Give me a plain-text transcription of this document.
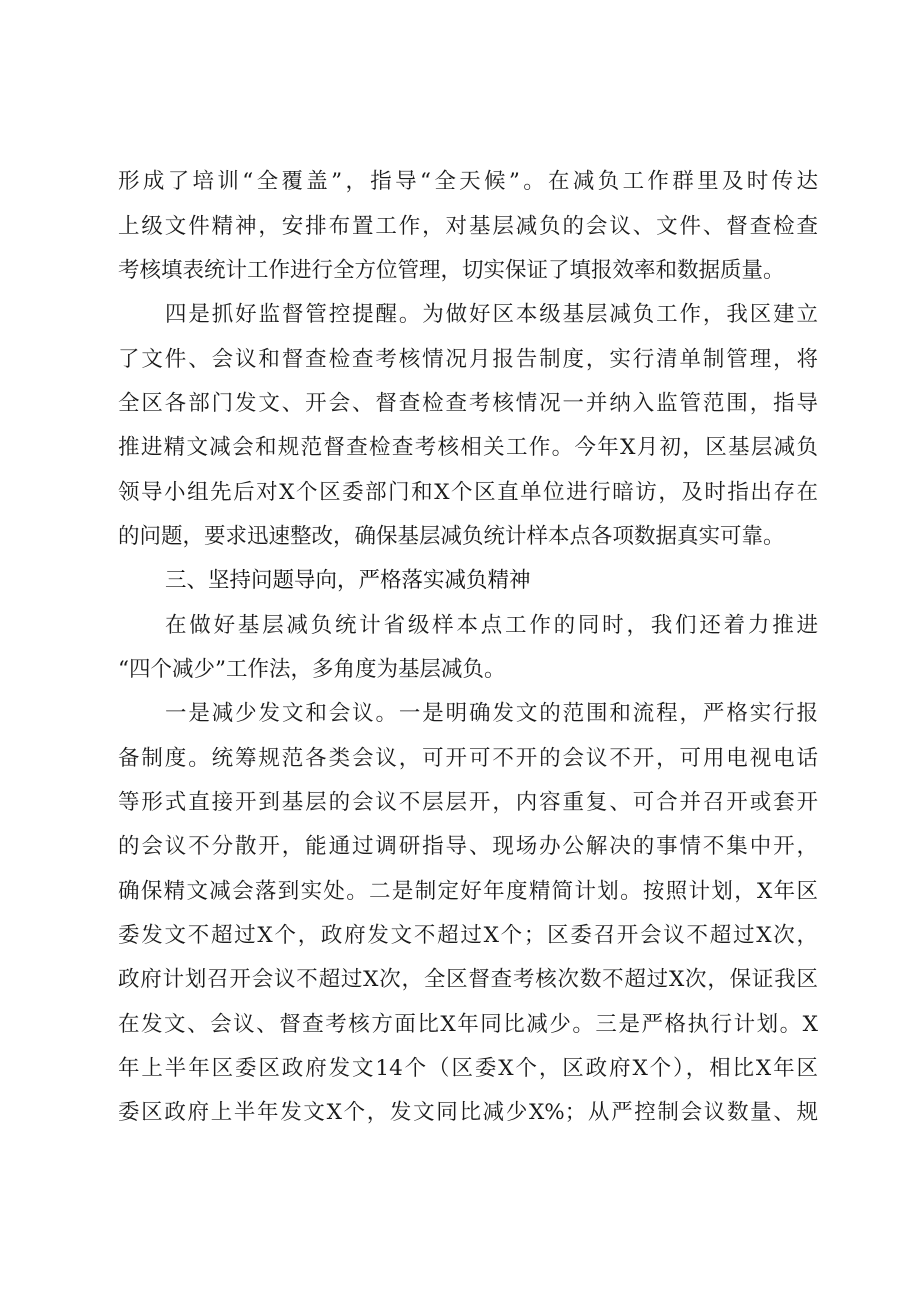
形成了培训“全覆盖”，指导“全天候”。在减负工作群里及时传达
上级文件精神，安排布置工作，对基层减负的会议、文件、督查检查
考核填表统计工作进行全方位管理，切实保证了填报效率和数据质量。
四是抓好监督管控提醒。为做好区本级基层减负工作，我区建立
了文件、会议和督查检查考核情况月报告制度，实行清单制管理，将
全区各部门发文、开会、督查检查考核情况一并纳入监管范围，指导
推进精文减会和规范督查检查考核相关工作。今年X月初，区基层减负
领导小组先后对X个区委部门和X个区直单位进行暗访，及时指出存在
的问题，要求迅速整改，确保基层减负统计样本点各项数据真实可靠。
三、坚持问题导向，严格落实减负精神
在做好基层减负统计省级样本点工作的同时，我们还着力推进
“四个减少”工作法，多角度为基层减负。
一是减少发文和会议。一是明确发文的范围和流程，严格实行报
备制度。统筹规范各类会议，可开可不开的会议不开，可用电视电话
等形式直接开到基层的会议不层层开，内容重复、可合并召开或套开
的会议不分散开，能通过调研指导、现场办公解决的事情不集中开，
确保精文减会落到实处。二是制定好年度精简计划。按照计划，X年区
委发文不超过X个，政府发文不超过X个；区委召开会议不超过X次，
政府计划召开会议不超过X次，全区督查考核次数不超过X次，保证我区
在发文、会议、督查考核方面比X年同比减少。三是严格执行计划。X
年上半年区委区政府发文14个（区委X个，区政府X个），相比X年区
委区政府上半年发文X个，发文同比减少X%；从严控制会议数量、规
